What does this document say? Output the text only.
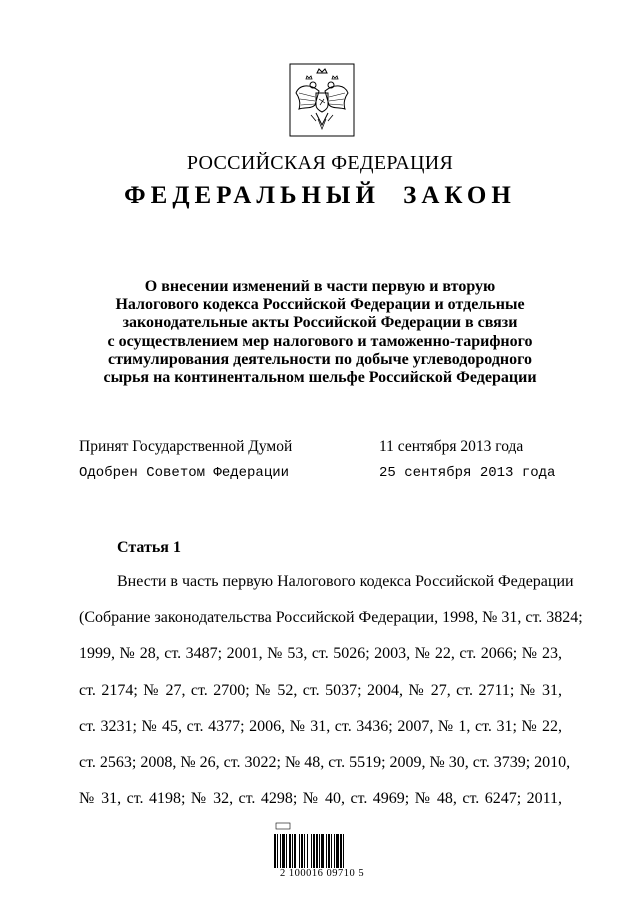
РОССИЙСКАЯ ФЕДЕРАЦИЯ
ФЕДЕРАЛЬНЫЙ ЗАКОН
О внесении изменений в части первую и вторую
Налогового кодекса Российской Федерации и отдельные
законодательные акты Российской Федерации в связи
с осуществлением мер налогового и таможенно-тарифного
стимулирования деятельности по добыче углеводородного
сырья на континентальном шельфе Российской Федерации
Принят Государственной Думой	11 сентября 2013 года
Одобрен Советом Федерации	25 сентября 2013 года
Статья 1
Внести в часть первую Налогового кодекса Российской Федерации
(Собрание законодательства Российской Федерации, 1998, № 31, ст. 3824;
1999, № 28, ст. 3487; 2001, № 53, ст. 5026; 2003, № 22, ст. 2066; № 23,
ст. 2174; № 27, ст. 2700; № 52, ст. 5037; 2004, № 27, ст. 2711; № 31,
ст. 3231; № 45, ст. 4377; 2006, № 31, ст. 3436; 2007, № 1, ст. 31; № 22,
ст. 2563; 2008, № 26, ст. 3022; № 48, ст. 5519; 2009, № 30, ст. 3739; 2010,
№ 31, ст. 4198; № 32, ст. 4298; № 40, ст. 4969; № 48, ст. 6247; 2011,
2 100016 09710 5
